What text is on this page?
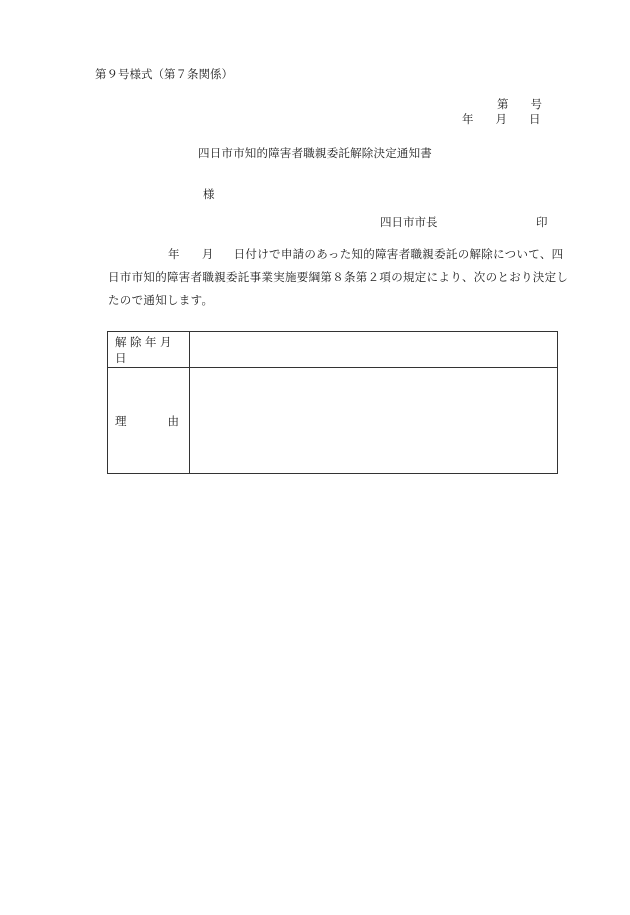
第９号様式（第７条関係）
第 号
年 月 日
四日市市知的障害者職親委託解除決定通知書
様
四日市市長	印
年 月 日付けで申請のあった知的障害者職親委託の解除について、四
日市市知的障害者職親委託事業実施要綱第８条第２項の規定により、次のとおり決定し
たので通知します。
解除年月日	

理 由	
